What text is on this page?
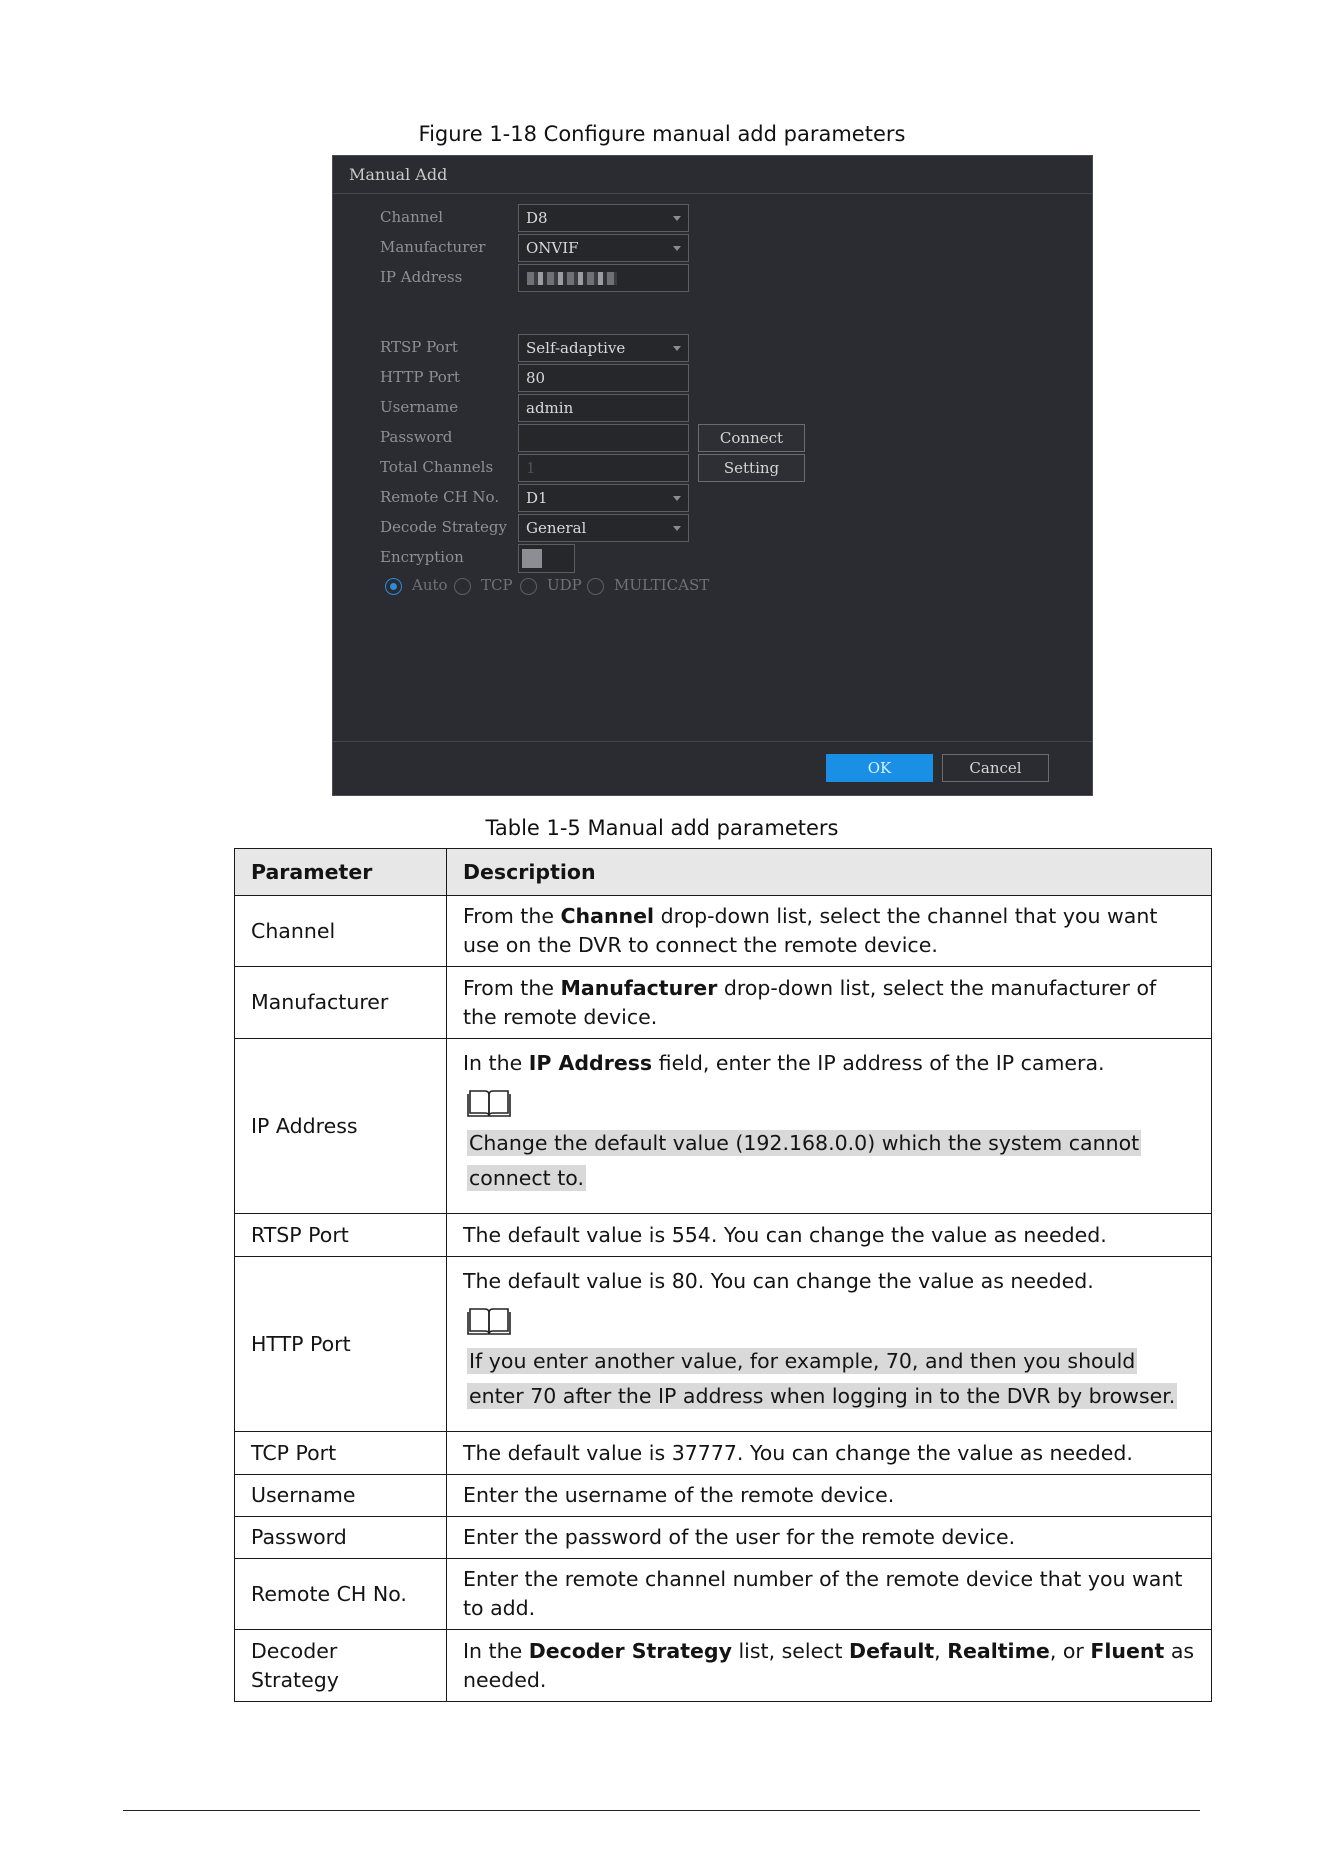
Figure 1-18 Configure manual add parameters
Manual Add
Channel	D8
Manufacturer	ONVIF
IP Address
RTSP Port	Self-adaptive
HTTP Port	80
Username	admin
Password	Connect
Total Channels	1	Setting
Remote CH No.	D1
Decode Strategy	General
Encryption
Auto TCP UDP MULTICAST
OK	Cancel
Table 1-5 Manual add parameters
Parameter	Description
Channel	From the Channel drop-down list, select the channel that you want use on the DVR to connect the remote device.
Manufacturer	From the Manufacturer drop-down list, select the manufacturer of the remote device.
IP Address	In the IP Address field, enter the IP address of the IP camera.
Change the default value (192.168.0.0) which the system cannot connect to.

RTSP Port	The default value is 554. You can change the value as needed.
HTTP Port	The default value is 80. You can change the value as needed.
If you enter another value, for example, 70, and then you should enter 70 after the IP address when logging in to the DVR by browser.

TCP Port	The default value is 37777. You can change the value as needed.
Username	Enter the username of the remote device.
Password	Enter the password of the user for the remote device.
Remote CH No.	Enter the remote channel number of the remote device that you want to add.
Decoder Strategy	In the Decoder Strategy list, select Default, Realtime, or Fluent as needed.
